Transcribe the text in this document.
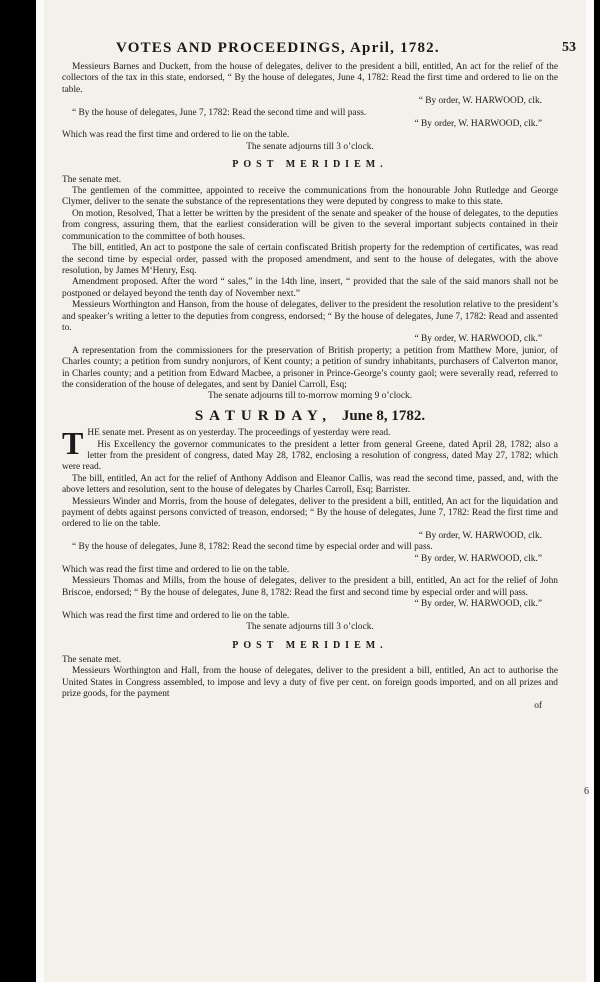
VOTES AND PROCEEDINGS, April, 1782.	53

Messieurs Barnes and Duckett, from the house of delegates, deliver to the president a bill, entitled, An act for the relief of the collectors of the tax in this state, endorsed, “ By the house of delegates, June 4, 1782: Read the first time and ordered to lie on the table.

“ By order, W. HARWOOD, clk.

“ By the house of delegates, June 7, 1782: Read the second time and will pass.

“ By order, W. HARWOOD, clk.”

Which was read the first time and ordered to lie on the table.

The senate adjourns till 3 o’clock.

POST MERIDIEM.

The senate met.

The gentlemen of the committee, appointed to receive the communications from the honourable John Rutledge and George Clymer, deliver to the senate the substance of the representations they were deputed by congress to make to this state.

On motion, Resolved, That a letter be written by the president of the senate and speaker of the house of delegates, to the deputies from congress, assuring them, that the earliest consideration will be given to the several important subjects contained in their communication to the committee of both houses.

The bill, entitled, An act to postpone the sale of certain confiscated British property for the redemption of certificates, was read the second time by especial order, passed with the proposed amendment, and sent to the house of delegates, with the above resolution, by James M‘Henry, Esq.

Amendment proposed. After the word “ sales,” in the 14th line, insert, “ provided that the sale of the said manors shall not be postponed or delayed beyond the tenth day of November next.”

Messieurs Worthington and Hanson, from the house of delegates, deliver to the president the resolution relative to the president’s and speaker’s writing a letter to the deputies from congress, endorsed; “ By the house of delegates, June 7, 1782: Read and assented to.

“ By order, W. HARWOOD, clk.”

A representation from the commissioners for the preservation of British property; a petition from Matthew More, junior, of Charles county; a petition from sundry nonjurors, of Kent county; a petition of sundry inhabitants, purchasers of Calverton manor, in Charles county; and a petition from Edward Macbee, a prisoner in Prince-George’s county gaol; were severally read, referred to the consideration of the house of delegates, and sent by Daniel Carroll, Esq;

The senate adjourns till to-morrow morning 9 o’clock.

SATURDAY, June 8, 1782.

THE senate met. Present as on yesterday. The proceedings of yesterday were read.

His Excellency the governor communicates to the president a letter from general Greene, dated April 28, 1782; also a letter from the president of congress, dated May 28, 1782, enclosing a resolution of congress, dated May 27, 1782; which were read.

The bill, entitled, An act for the relief of Anthony Addison and Eleanor Callis, was read the second time, passed, and, with the above letters and resolution, sent to the house of delegates by Charles Carroll, Esq; Barrister.

Messieurs Winder and Morris, from the house of delegates, deliver to the president a bill, entitled, An act for the liquidation and payment of debts against persons convicted of treason, endorsed; “ By the house of delegates, June 7, 1782: Read the first time and ordered to lie on the table.

“ By order, W. HARWOOD, clk.

“ By the house of delegates, June 8, 1782: Read the second time by especial order and will pass.

“ By order, W. HARWOOD, clk.”

Which was read the first time and ordered to lie on the table.

Messieurs Thomas and Mills, from the house of delegates, deliver to the president a bill, entitled, An act for the relief of John Briscoe, endorsed; “ By the house of delegates, June 8, 1782: Read the first and second time by especial order and will pass.

“ By order, W. HARWOOD, clk.”

Which was read the first time and ordered to lie on the table.

The senate adjourns till 3 o’clock.

POST MERIDIEM.

The senate met.

Messieurs Worthington and Hall, from the house of delegates, deliver to the president a bill, entitled, An act to authorise the United States in Congress assembled, to impose and levy a duty of five per cent. on foreign goods imported, and on all prizes and prize goods, for the payment

of

6
